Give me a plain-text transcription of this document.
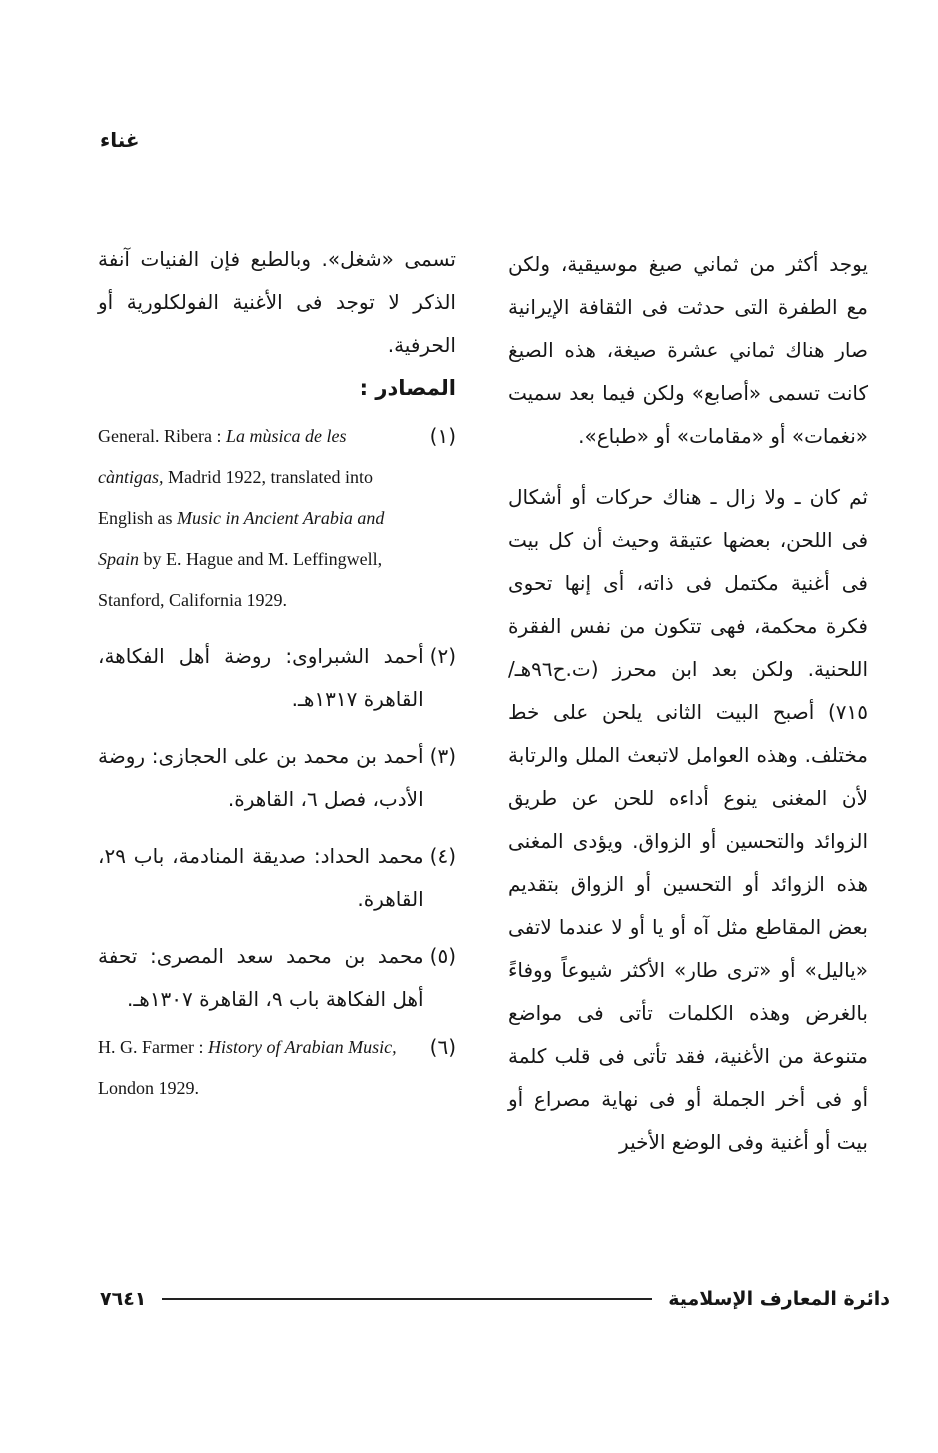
غناء

يوجد أكثر من ثماني صيغ موسيقية، ولكن مع الطفرة التى حدثت فى الثقافة الإيرانية صار هناك ثماني عشرة صيغة، هذه الصيغ كانت تسمى «أصابع» ولكن فيما بعد سميت «نغمات» أو «مقامات» أو «طباع».

ثم كان ـ ولا زال ـ هناك حركات أو أشكال فى اللحن، بعضها عتيقة وحيث أن كل بيت فى أغنية مكتمل فى ذاته، أى إنها تحوى فكرة محكمة، فهى تتكون من نفس الفقرة اللحنية. ولكن بعد ابن محرز (ت.ح٩٦هـ/٧١٥) أصبح البيت الثانى يلحن على خط مختلف. وهذه العوامل لاتبعث الملل والرتابة لأن المغنى ينوع أداءه للحن عن طريق الزوائد والتحسين أو الزواق. ويؤدى المغنى هذه الزوائد أو التحسين أو الزواق بتقديم بعض المقاطع مثل آه أو يا أو لا عندما لاتفى «ياليل» أو «ترى طار» الأكثر شيوعاً ووفاءً بالغرض وهذه الكلمات تأتى فى مواضع متنوعة من الأغنية، فقد تأتى فى قلب كلمة أو فى أخر الجملة أو فى نهاية مصراع أو بيت أو أغنية وفى الوضع الأخير

تسمى «شغل». وبالطبع فإن الفنيات آنفة الذكر لا توجد فى الأغنية الفولكلورية أو الحرفية.

المصادر :

General. Ribera : La mùsica de les càntigas, Madrid 1922, translated into English as Music in Ancient Arabia and Spain by E. Hague and M. Leffingwell, Stanford, California 1929.
(١)
(٢)
أحمد الشبراوى: روضة أهل الفكاهة، القاهرة ١٣١٧هـ.
(٣)
أحمد بن محمد بن على الحجازى: روضة الأدب، فصل ٦، القاهرة.
(٤)
محمد الحداد: صديقة المنادمة، باب ٢٩، القاهرة.
(٥)
محمد بن محمد سعد المصرى: تحفة أهل الفكاهة باب ٩، القاهرة ١٣٠٧هـ.
H. G. Farmer : History of Arabian Music, London 1929.
(٦)
٧٦٤١	دائرة المعارف الإسلامية
